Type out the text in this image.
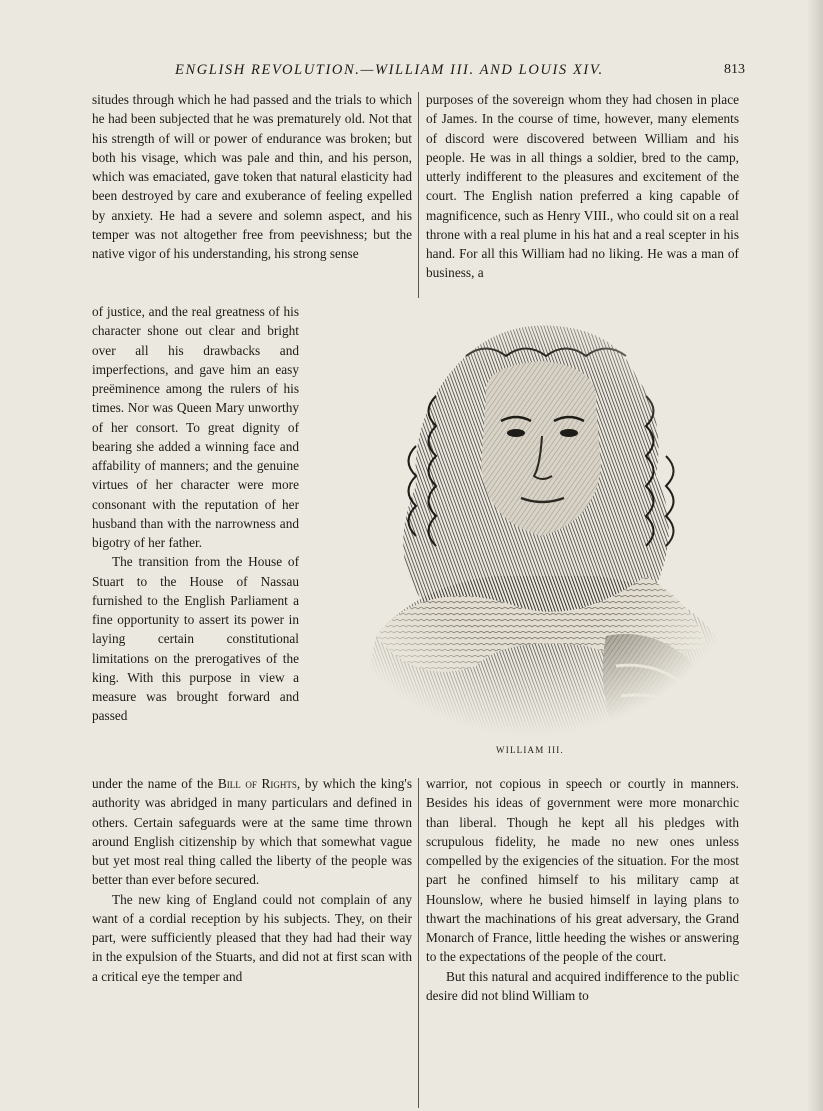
ENGLISH REVOLUTION.—WILLIAM III. AND LOUIS XIV.	813

situdes through which he had passed and the trials to which he had been subjected that he was prematurely old. Not that his strength of will or power of endurance was broken; but both his visage, which was pale and thin, and his person, which was emaciated, gave token that natural elasticity had been destroyed by care and exuberance of feeling expelled by anxiety. He had a severe and solemn aspect, and his temper was not altogether free from peevishness; but the native vigor of his understanding, his strong sense

of justice, and the real greatness of his character shone out clear and bright over all his drawbacks and imperfections, and gave him an easy preëminence among the rulers of his times. Nor was Queen Mary unworthy of her consort. To great dignity of bearing she added a winning face and affability of manners; and the genuine virtues of her character were more consonant with the reputation of her husband than with the narrowness and bigotry of her father.

The transition from the House of Stuart to the House of Nassau furnished to the English Parliament a fine opportunity to assert its power in laying certain constitutional limitations on the prerogatives of the king. With this purpose in view a measure was brought forward and passed

under the name of the Bill of Rights, by which the king's authority was abridged in many particulars and defined in others. Certain safeguards were at the same time thrown around English citizenship by which that somewhat vague but yet most real thing called the liberty of the people was better than ever before secured.

The new king of England could not complain of any want of a cordial reception by his subjects. They, on their part, were sufficiently pleased that they had had their way in the expulsion of the Stuarts, and did not at first scan with a critical eye the temper and

purposes of the sovereign whom they had chosen in place of James. In the course of time, however, many elements of discord were discovered between William and his people. He was in all things a soldier, bred to the camp, utterly indifferent to the pleasures and excitement of the court. The English nation preferred a king capable of magnificence, such as Henry VIII., who could sit on a real throne with a real plume in his hat and a real scepter in his hand. For all this William had no liking. He was a man of business, a

WILLIAM III.

warrior, not copious in speech or courtly in manners. Besides his ideas of government were more monarchic than liberal. Though he kept all his pledges with scrupulous fidelity, he made no new ones unless compelled by the exigencies of the situation. For the most part he confined himself to his military camp at Hounslow, where he busied himself in laying plans to thwart the machinations of his great adversary, the Grand Monarch of France, little heeding the wishes or answering to the expectations of the people of the court.

But this natural and acquired indifference to the public desire did not blind William to
